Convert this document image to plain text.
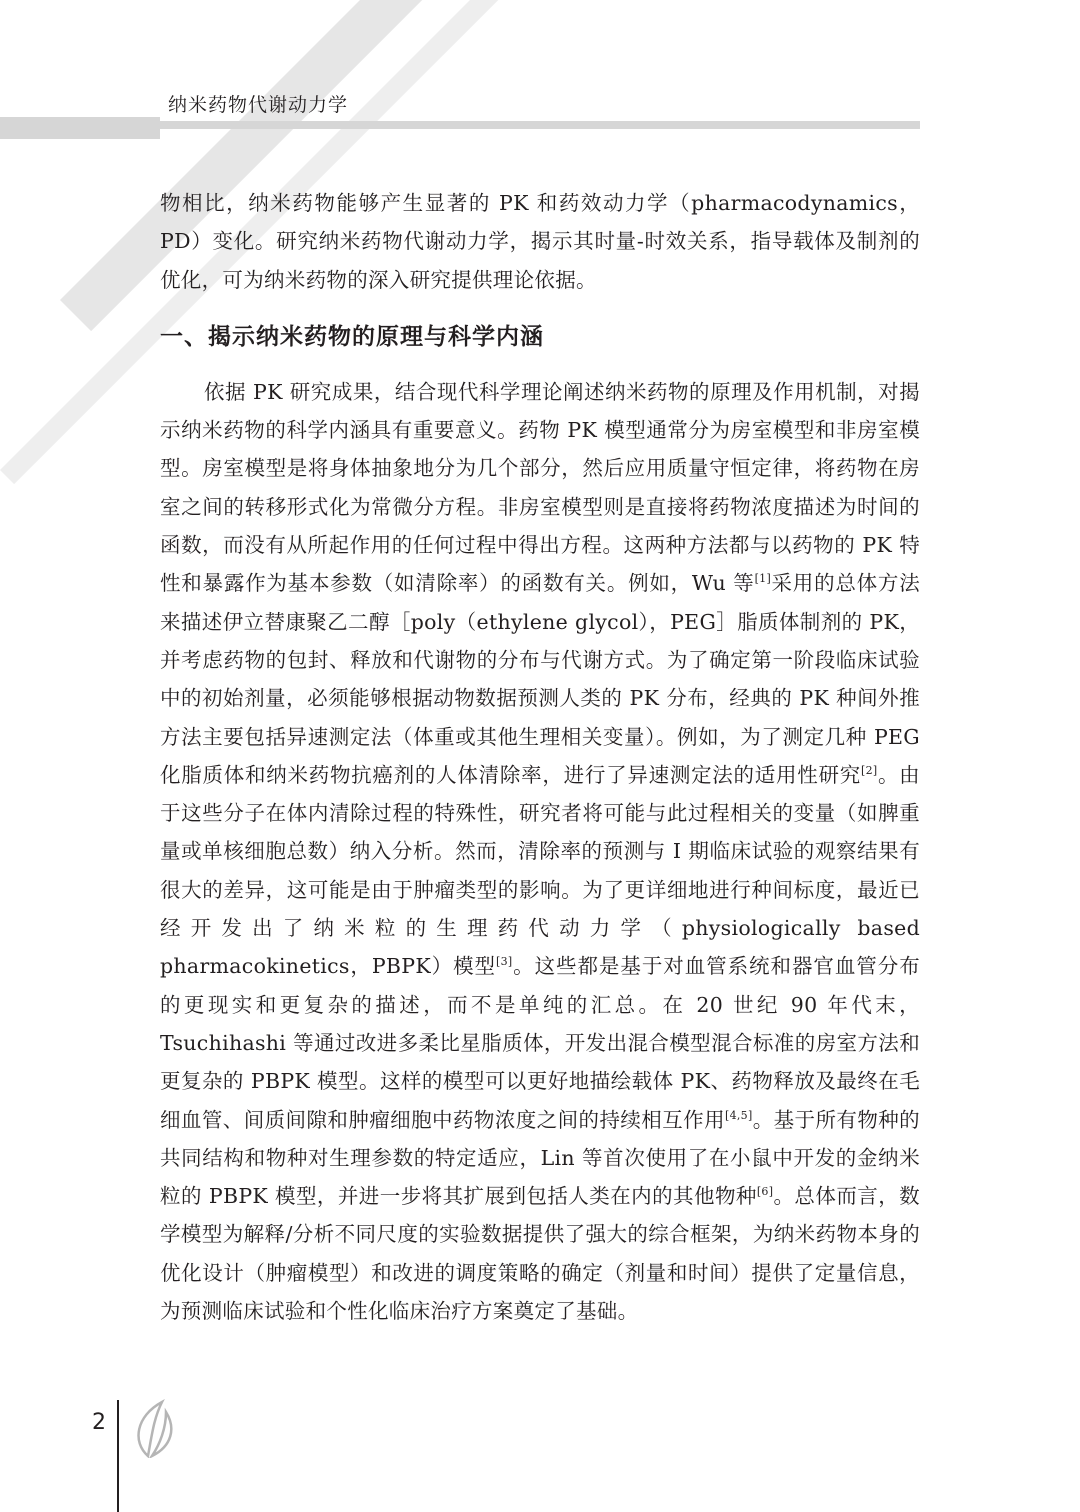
纳米药物代谢动力学

物相比，纳米药物能够产生显著的 PK 和药效动力学（pharmacodynamics，PD）变化。研究纳米药物代谢动力学，揭示其时量-时效关系，指导载体及制剂的优化，可为纳米药物的深入研究提供理论依据。

一、揭示纳米药物的原理与科学内涵

依据 PK 研究成果，结合现代科学理论阐述纳米药物的原理及作用机制，对揭示纳米药物的科学内涵具有重要意义。药物 PK 模型通常分为房室模型和非房室模型。房室模型是将身体抽象地分为几个部分，然后应用质量守恒定律，将药物在房室之间的转移形式化为常微分方程。非房室模型则是直接将药物浓度描述为时间的函数，而没有从所起作用的任何过程中得出方程。这两种方法都与以药物的 PK 特性和暴露作为基本参数（如清除率）的函数有关。例如，Wu 等[1]采用的总体方法来描述伊立替康聚乙二醇［poly（ethylene glycol），PEG］脂质体制剂的 PK，并考虑药物的包封、释放和代谢物的分布与代谢方式。为了确定第一阶段临床试验中的初始剂量，必须能够根据动物数据预测人类的 PK 分布，经典的 PK 种间外推方法主要包括异速测定法（体重或其他生理相关变量）。例如，为了测定几种 PEG 化脂质体和纳米药物抗癌剂的人体清除率，进行了异速测定法的适用性研究[2]。由于这些分子在体内清除过程的特殊性，研究者将可能与此过程相关的变量（如脾重量或单核细胞总数）纳入分析。然而，清除率的预测与 I 期临床试验的观察结果有很大的差异，这可能是由于肿瘤类型的影响。为了更详细地进行种间标度，最近已经开发出了纳米粒的生理药代动力学（physiologically based pharmacokinetics，PBPK）模型[3]。这些都是基于对血管系统和器官血管分布的更现实和更复杂的描述，而不是单纯的汇总。在 20 世纪 90 年代末，Tsuchihashi 等通过改进多柔比星脂质体，开发出混合模型混合标准的房室方法和更复杂的 PBPK 模型。这样的模型可以更好地描绘载体 PK、药物释放及最终在毛细血管、间质间隙和肿瘤细胞中药物浓度之间的持续相互作用[4,5]。基于所有物种的共同结构和物种对生理参数的特定适应，Lin 等首次使用了在小鼠中开发的金纳米粒的 PBPK 模型，并进一步将其扩展到包括人类在内的其他物种[6]。总体而言，数学模型为解释/分析不同尺度的实验数据提供了强大的综合框架，为纳米药物本身的优化设计（肿瘤模型）和改进的调度策略的确定（剂量和时间）提供了定量信息，为预测临床试验和个性化临床治疗方案奠定了基础。

2
